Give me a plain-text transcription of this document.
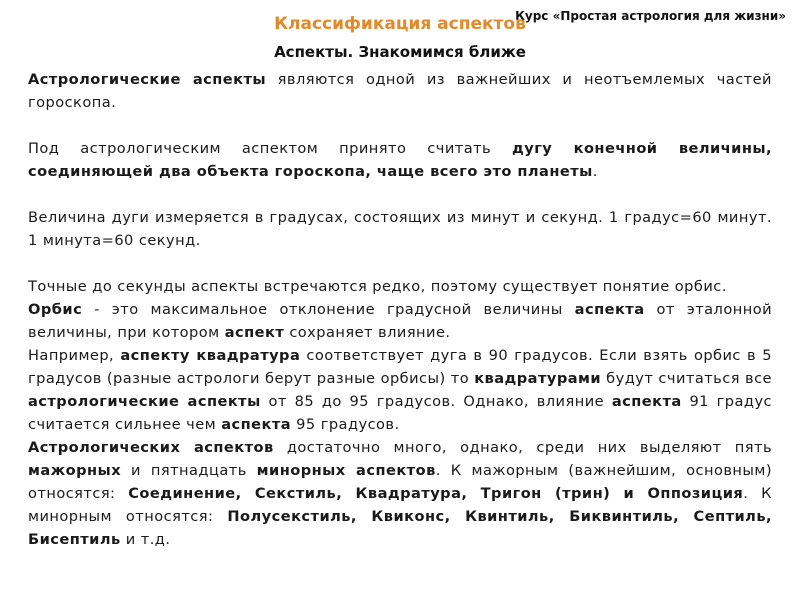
Курс «Простая астрология для жизни»
Классификация аспектов
Аспекты. Знакомимся ближе

Астрологические аспекты являются одной из важнейших и неотъемлемых частей гороскопа.

Под астрологическим аспектом принято считать дугу конечной величины, соединяющей два объекта гороскопа, чаще всего это планеты.

Величина дуги измеряется в градусах, состоящих из минут и секунд. 1 градус=60 минут. 1 минута=60 секунд.

Точные до секунды аспекты встречаются редко, поэтому существует понятие орбис.

Орбис - это максимальное отклонение градусной величины аспекта от эталонной величины, при котором аспект сохраняет влияние.

Например, аспекту квадратура соответствует дуга в 90 градусов. Если взять орбис в 5 градусов (разные астрологи берут разные орбисы) то квадратурами будут считаться все астрологические аспекты от 85 до 95 градусов. Однако, влияние аспекта 91 градус считается сильнее чем аспекта 95 градусов.

Астрологических аспектов достаточно много, однако, среди них выделяют пять мажорных и пятнадцать минорных аспектов. К мажорным (важнейшим, основным) относятся: Соединение, Секстиль, Квадратура, Тригон (трин) и Оппозиция. К минорным относятся: Полусекстиль, Квиконс, Квинтиль, Биквинтиль, Септиль, Бисептиль и т.д.
